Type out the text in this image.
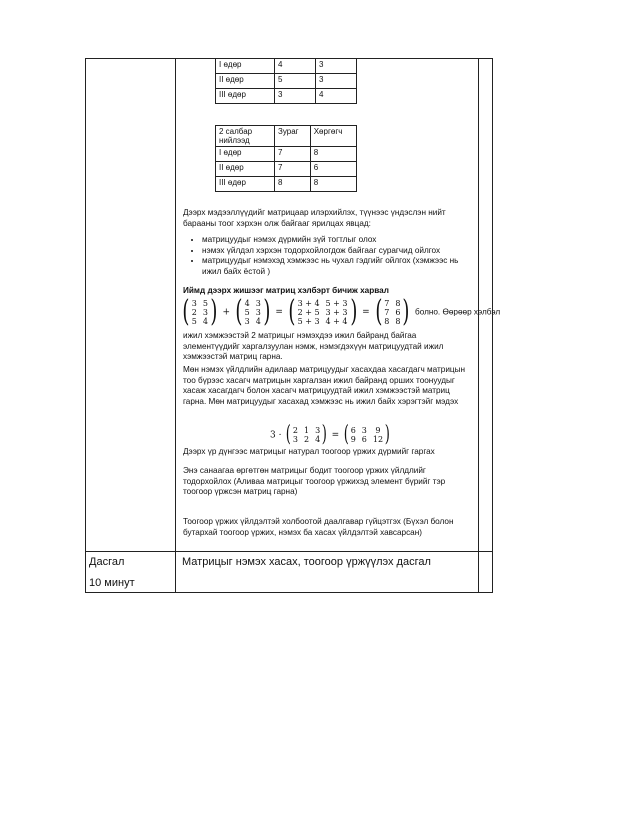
I өдөр	4	3
II өдөр	5	3
III өдөр	3	4
2 салбар нийлээд	Зураг	Хөргөгч
I өдөр	7	8
II өдөр	7	6
III өдөр	8	8
Дээрх мэдээллүүдийг матрицаар илэрхийлэх, түүнээс үндэслэн нийт барааны тоог хэрхэн олж байгааг ярилцах явцад:
• матрицуудыг нэмэх дүрмийн зүй тогтлыг олох
• нэмэх үйлдэл хэрхэн тодорхойлогдож байгааг сурагчид ойлгох
• матрицуудыг нэмэхэд хэмжээс нь чухал гэдгийг ойлгох (хэмжээс нь ижил байх ёстой )
Иймд дээрх жишээг матриц хэлбэрт бичиж харвал
( 3 5
2 3
5 4 ) + ( 4 3
5 3
3 4 ) = ( 3 + 4 5 + 3
2 + 5 3 + 3
5 + 3 4 + 4 ) = ( 7 8
7 6
8 8 ) болно. Өөрөөр хэлбэл
ижил хэмжээстэй 2 матрицыг нэмэхдээ ижил байранд байгаа элементүүдийг харгалзуулан нэмж, нэмэгдэхүүн матрицуудтай ижил хэмжээстэй матриц гарна.
Мөн нэмэх үйлдлийн адилаар матрицуудыг хасахдаа хасагдагч матрицын тоо бүрээс хасагч матрицын харгалзан ижил байранд орших тоонуудыг хасаж хасагдагч болон хасагч матрицуудтай ижил хэмжээстэй матриц гарна. Мөн матрицуудыг хасахад хэмжээс нь ижил байх хэрэгтэйг мэдэх
3 · ( 2 1 3
3 2 4 ) = ( 6 3	9
9 6 12 )
Дээрх үр дүнгээс матрицыг натурал тоогоор үржих дүрмийг гаргах
Энэ санаагаа өргөтгөн матрицыг бодит тоогоор үржих үйлдлийг тодорхойлох (Аливаа матрицыг тоогоор үржихэд элемент бүрийг тэр тоогоор үржсэн матриц гарна)
Тоогоор үржих үйлдэлтэй холбоотой даалгавар гүйцэтгэх (Бүхэл болон бутархай тоогоор үржих, нэмэх ба хасах үйлдэлтэй хавсарсан)
Дасгал
10 минут
Матрицыг нэмэх хасах, тоогоор үржүүлэх дасгал
